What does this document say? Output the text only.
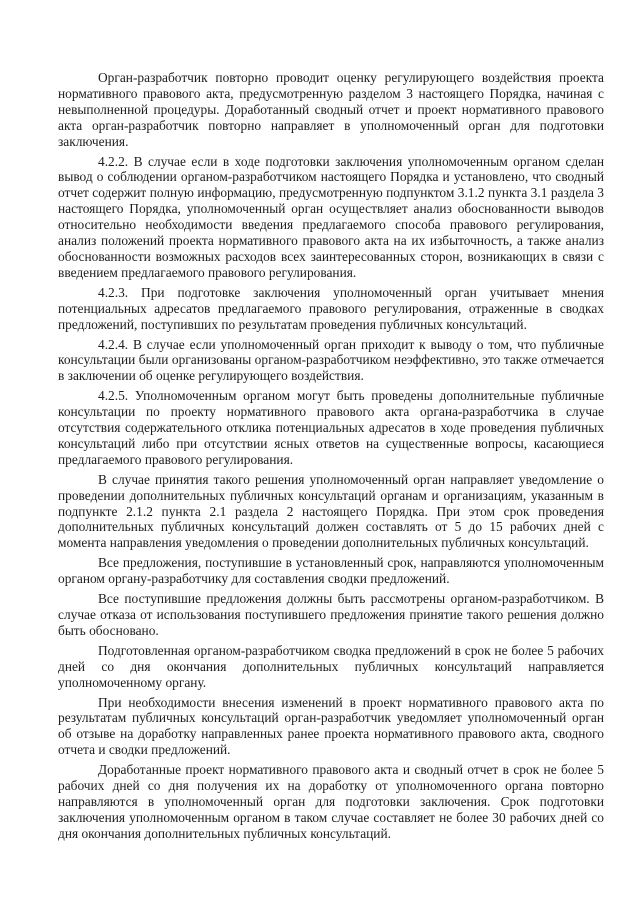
Орган-разработчик повторно проводит оценку регулирующего воздействия проекта нормативного правового акта, предусмотренную разделом 3 настоящего Порядка, начиная с невыполненной процедуры. Доработанный сводный отчет и проект нормативного правового акта орган-разработчик повторно направляет в уполномоченный орган для подготовки заключения.

4.2.2. В случае если в ходе подготовки заключения уполномоченным органом сделан вывод о соблюдении органом-разработчиком настоящего Порядка и установлено, что сводный отчет содержит полную информацию, предусмотренную подпунктом 3.1.2 пункта 3.1 раздела 3 настоящего Порядка, уполномоченный орган осуществляет анализ обоснованности выводов относительно необходимости введения предлагаемого способа правового регулирования, анализ положений проекта нормативного правового акта на их избыточность, а также анализ обоснованности возможных расходов всех заинтересованных сторон, возникающих в связи с введением предлагаемого правового регулирования.

4.2.3. При подготовке заключения уполномоченный орган учитывает мнения потенциальных адресатов предлагаемого правового регулирования, отраженные в сводках предложений, поступивших по результатам проведения публичных консультаций.

4.2.4. В случае если уполномоченный орган приходит к выводу о том, что публичные консультации были организованы органом-разработчиком неэффективно, это также отмечается в заключении об оценке регулирующего воздействия.

4.2.5. Уполномоченным органом могут быть проведены дополнительные публичные консультации по проекту нормативного правового акта органа-разработчика в случае отсутствия содержательного отклика потенциальных адресатов в ходе проведения публичных консультаций либо при отсутствии ясных ответов на существенные вопросы, касающиеся предлагаемого правового регулирования.

В случае принятия такого решения уполномоченный орган направляет уведомление о проведении дополнительных публичных консультаций органам и организациям, указанным в подпункте 2.1.2 пункта 2.1 раздела 2 настоящего Порядка. При этом срок проведения дополнительных публичных консультаций должен составлять от 5 до 15 рабочих дней с момента направления уведомления о проведении дополнительных публичных консультаций.

Все предложения, поступившие в установленный срок, направляются уполномоченным органом органу-разработчику для составления сводки предложений.

Все поступившие предложения должны быть рассмотрены органом-разработчиком. В случае отказа от использования поступившего предложения принятие такого решения должно быть обосновано.

Подготовленная органом-разработчиком сводка предложений в срок не более 5 рабочих дней со дня окончания дополнительных публичных консультаций направляется уполномоченному органу.

При необходимости внесения изменений в проект нормативного правового акта по результатам публичных консультаций орган-разработчик уведомляет уполномоченный орган об отзыве на доработку направленных ранее проекта нормативного правового акта, сводного отчета и сводки предложений.

Доработанные проект нормативного правового акта и сводный отчет в срок не более 5 рабочих дней со дня получения их на доработку от уполномоченного органа повторно направляются в уполномоченный орган для подготовки заключения. Срок подготовки заключения уполномоченным органом в таком случае составляет не более 30 рабочих дней со дня окончания дополнительных публичных консультаций.
